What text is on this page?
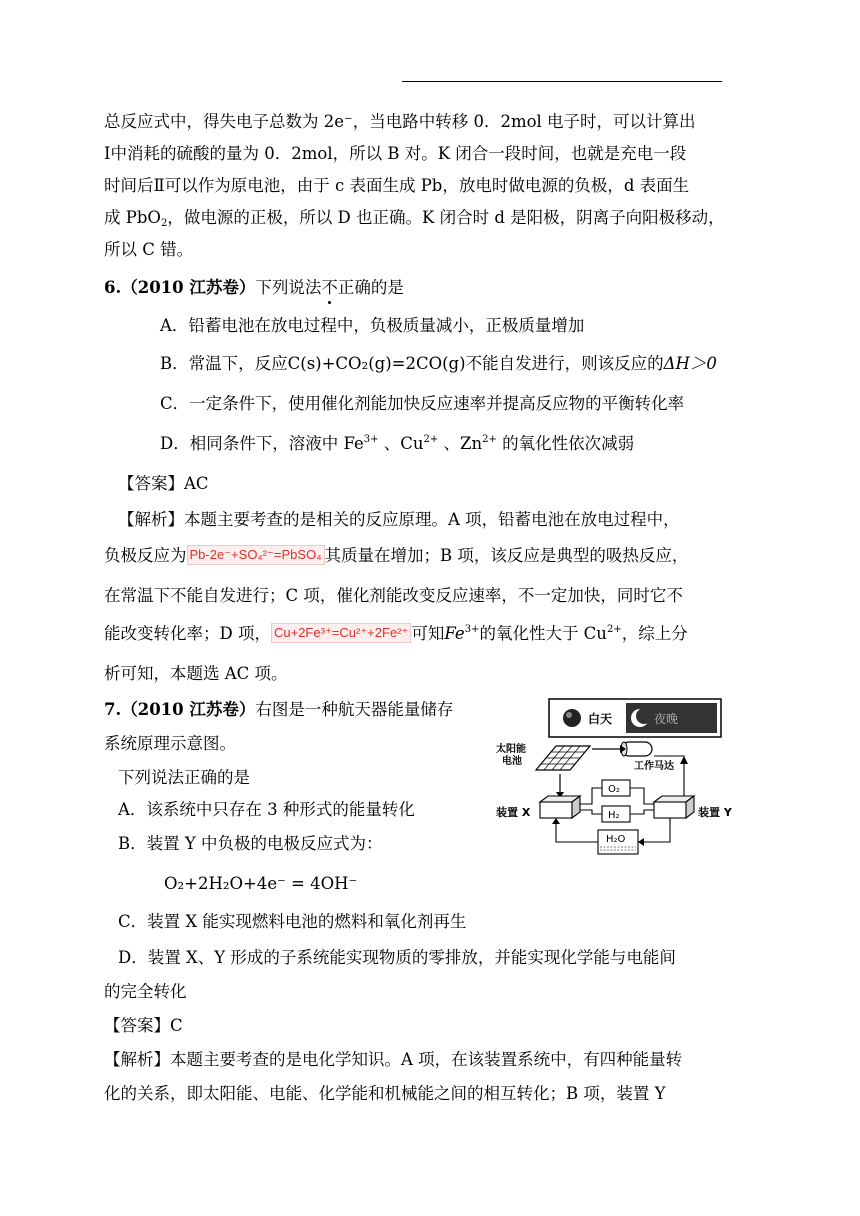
总反应式中，得失电子总数为 2e⁻，当电路中转移 0．2mol 电子时，可以计算出
Ⅰ中消耗的硫酸的量为 0．2mol，所以 B 对。K 闭合一段时间，也就是充电一段
时间后Ⅱ可以作为原电池，由于 c 表面生成 Pb，放电时做电源的负极，d 表面生
成 PbO$_2$，做电源的正极，所以 D 也正确。K 闭合时 d 是阳极，阴离子向阳极移动，
所以 C 错。
6.（2010 江苏卷）下列说法不正确的是
A．铅蓄电池在放电过程中，负极质量减小，正极质量增加
B．常温下，反应C(s)+CO₂(g)=2CO(g)不能自发进行，则该反应的ΔH＞0
C．一定条件下，使用催化剂能加快反应速率并提高反应物的平衡转化率
D．相同条件下，溶液中 $Fe^{3+}$ 、$Cu^{2+}$ 、$Zn^{2+}$ 的氧化性依次减弱
【答案】AC
【解析】本题主要考查的是相关的反应原理。A 项，铅蓄电池在放电过程中，
负极反应为 Pb-2e⁻+SO₄²⁻=PbSO₄ 其质量在增加；B 项，该反应是典型的吸热反应，
在常温下不能自发进行；C 项，催化剂能改变反应速率，不一定加快，同时它不
能改变转化率；D 项， Cu+2Fe³⁺=Cu²⁺+2Fe²⁺ 可知$Fe^{3+}$的氧化性大于 $Cu^{2+}$，综上分
析可知，本题选 AC 项。
7.（2010 江苏卷）右图是一种航天器能量储存
系统原理示意图。
下列说法正确的是
A．该系统中只存在 3 种形式的能量转化
B．装置 Y 中负极的电极反应式为：
O₂+2H₂O+4e⁻ = 4OH⁻
C．装置 X 能实现燃料电池的燃料和氧化剂再生
D．装置 X、Y 形成的子系统能实现物质的零排放，并能实现化学能与电能间
的完全转化
【答案】C
【解析】本题主要考查的是电化学知识。A 项，在该装置系统中，有四种能量转
化的关系，即太阳能、电能、化学能和机械能之间的相互转化；B 项，装置 Y
白天	夜晚
太阳能
电池	工作马达
装置 X	装置 Y
O₂
H₂
H₂O
